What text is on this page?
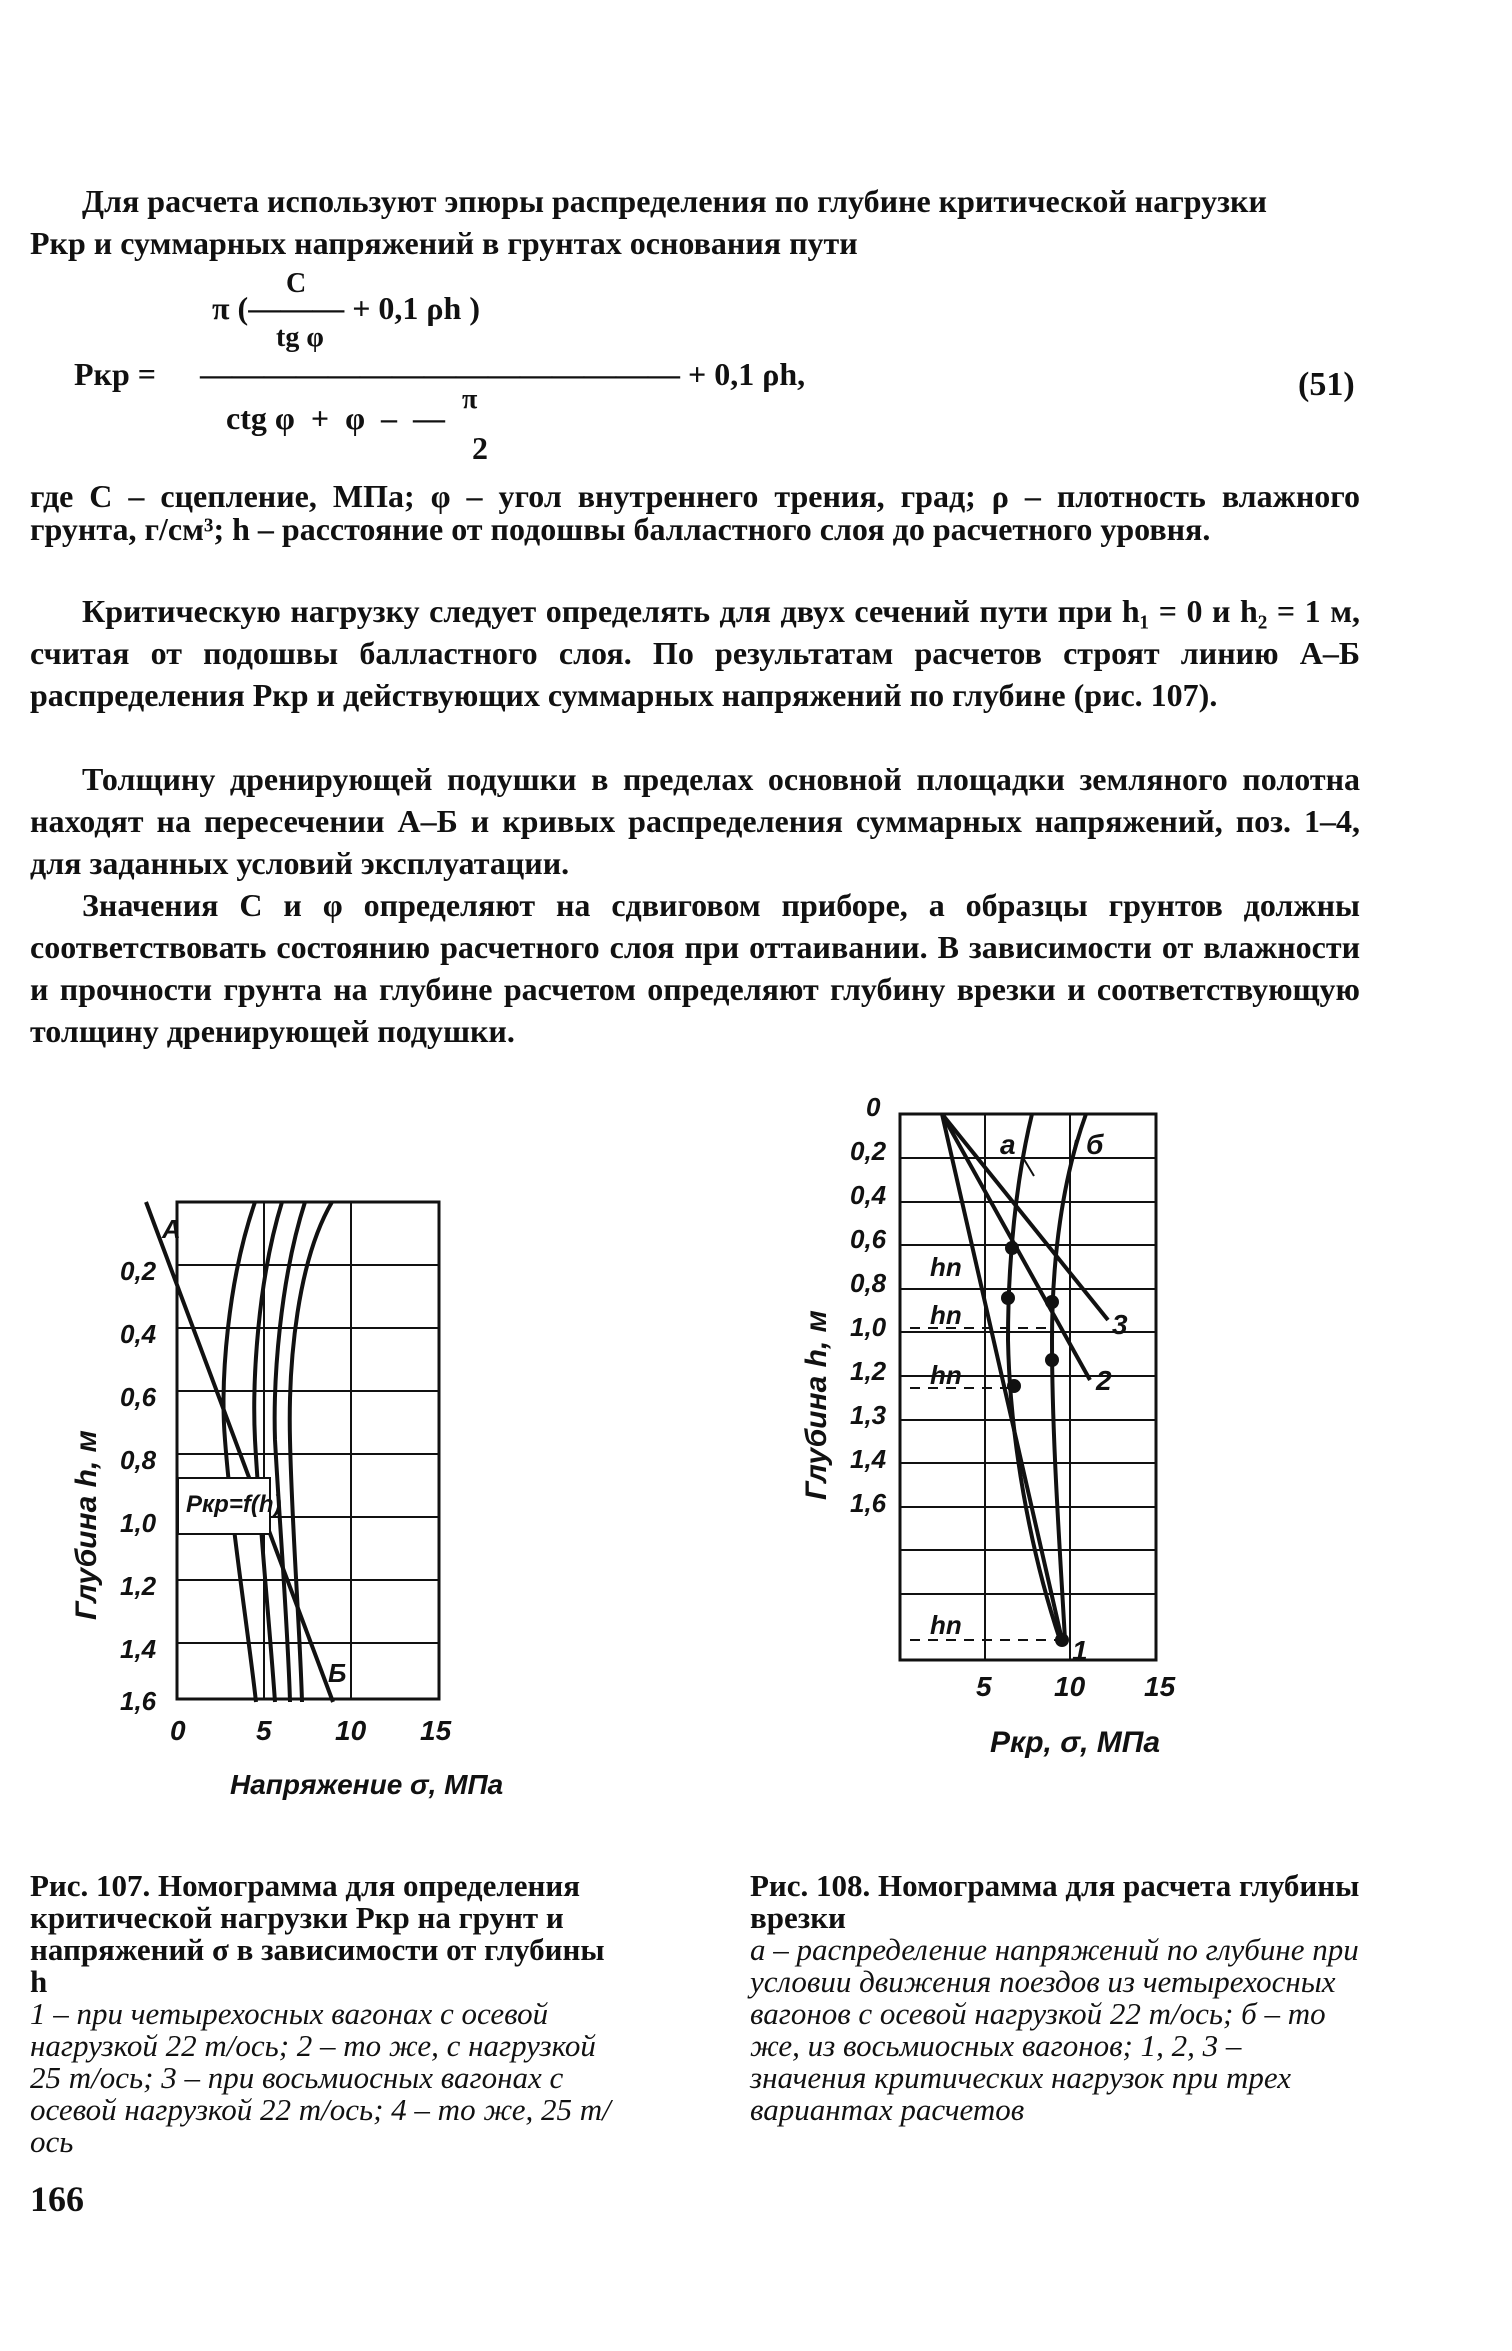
Для расчета используют эпюры распределения по глубине критической нагрузки

Pкр и суммарных напряжений в грунтах основания пути

C
π (——— + 0,1 ρh )
tg φ
Pкр = ——————————————— + 0,1 ρh,
π
ctg φ  +  φ  –  —
2
(51)

где C – сцепление, МПа; φ – угол внутреннего трения, град; ρ – плотность влажного грунта, г/см³; h – расстояние от подошвы балластного слоя до расчетного уровня.

Критическую нагрузку следует определять для двух сечений пути при h₁ = 0 и h₂ = 1 м, считая от подошвы балластного слоя. По результатам расчетов строят линию А–Б распределения Pкр и действующих суммарных напряжений по глубине (рис. 107).

Толщину дренирующей подушки в пределах основной площадки земляного полотна находят на пересечении А–Б и кривых распределения суммарных напряжений, поз. 1–4, для заданных условий эксплуатации.

Значения C и φ определяют на сдвиговом приборе, а образцы грунтов должны соответствовать состоянию расчетного слоя при оттаивании. В зависимости от влажности и прочности грунта на глубине расчетом определяют глубину врезки и соответствующую толщину дренирующей подушки.

Pкр=f(h)
А
Б
0,2
0,4
0,6
0,8
1,0
1,2
1,4
1,6
0	5 10 15
Напряжение σ, МПа
Глубина h, м
а	б
hn
hn
hn
hn
1
2
3
0
0,2
0,4
0,6
0,8
1,0
1,2
1,3
1,4
1,6
5 10 15
Pкр, σ, МПа
Глубина h, м
Рис. 107. Номограмма для определения критической нагрузки Pкр на грунт и напряжений σ в зависимости от глубины h
1 – при четырехосных вагонах с осевой нагрузкой 22 т/ось; 2 – то же, с нагрузкой 25 т/ось; 3 – при восьмиосных вагонах с осевой нагрузкой 22 т/ось; 4 – то же, 25 т/ось
Рис. 108. Номограмма для расчета глубины врезки
а – распределение напряжений по глубине при условии движения поездов из четырехосных вагонов с осевой нагрузкой 22 т/ось; б – то же, из восьмиосных вагонов; 1, 2, 3 – значения критических нагрузок при трех вариантах расчетов
166
